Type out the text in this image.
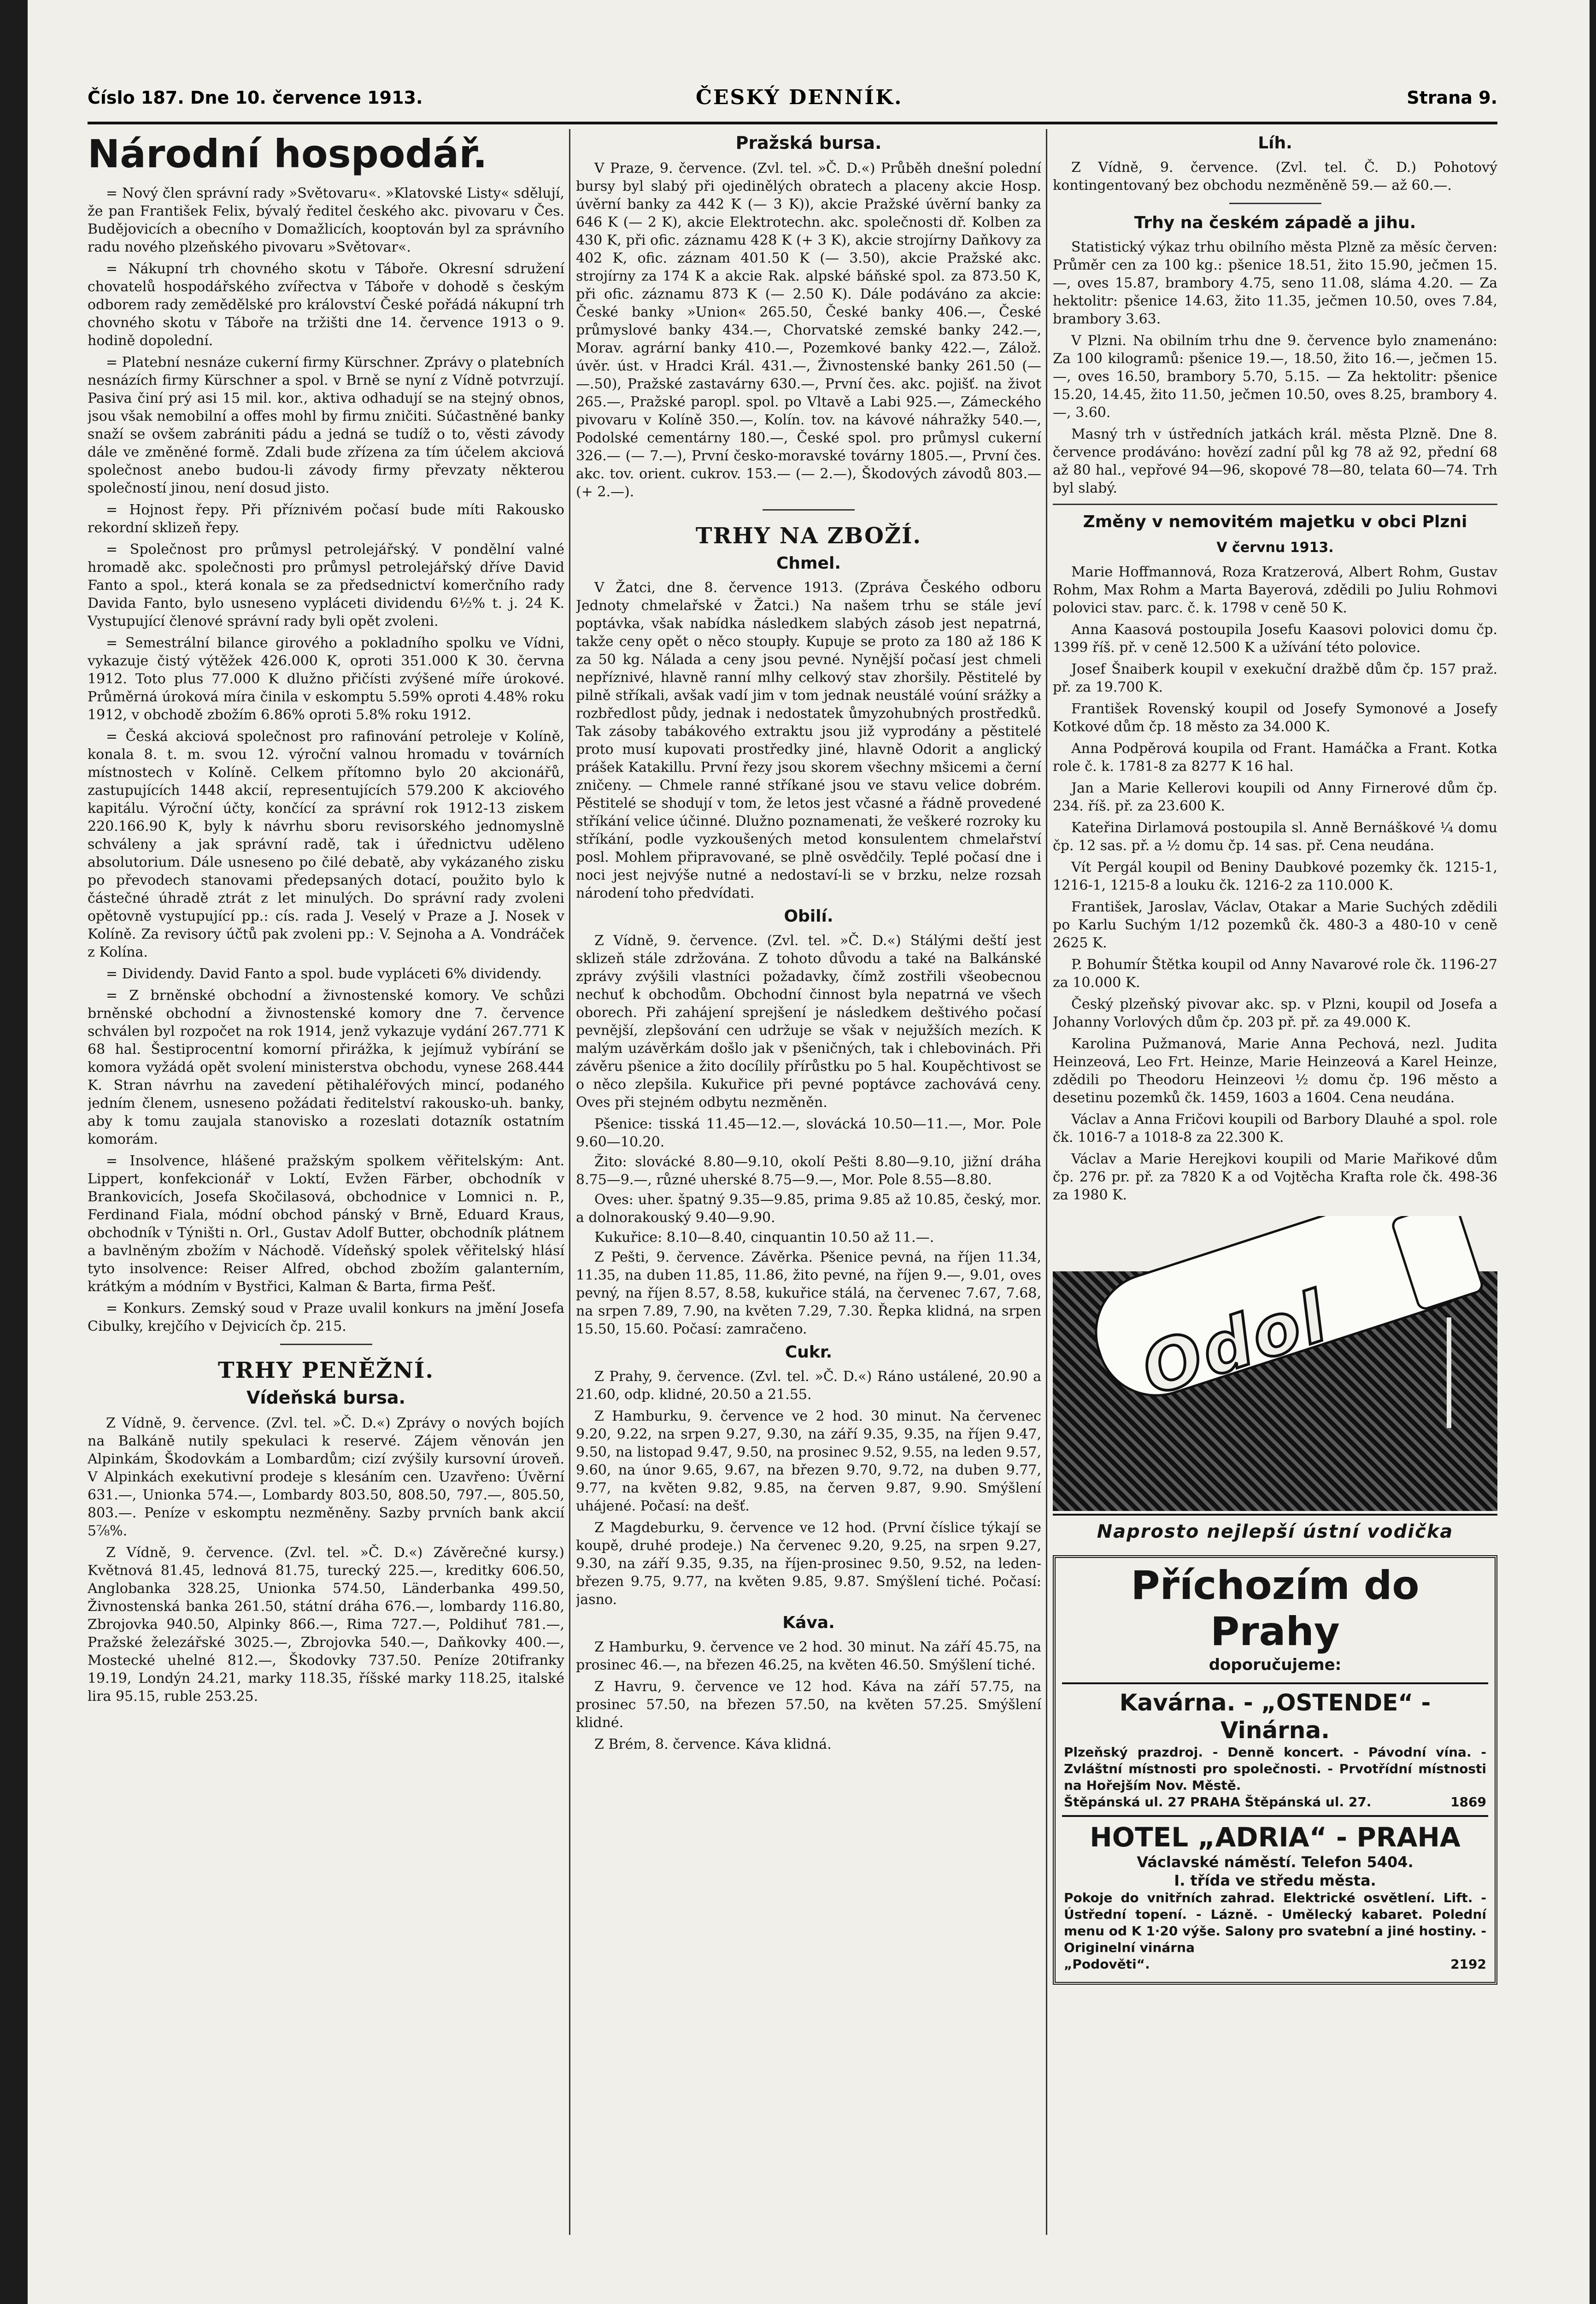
Číslo 187. Dne 10. července 1913.	ČESKÝ DENNÍK.	Strana 9.
Národní hospodář.

= Nový člen správní rady »Světovaru«. »Klatovské Listy« sdělují, že pan František Felix, bývalý ředitel českého akc. pivovaru v Čes. Budějovicích a obecního v Domažlicích, kooptován byl za správního radu nového plzeňského pivovaru »Světovar«.

= Nákupní trh chovného skotu v Táboře. Okresní sdružení chovatelů hospodářského zvířectva v Táboře v dohodě s českým odborem rady zemědělské pro království České pořádá nákupní trh chovného skotu v Táboře na tržišti dne 14. července 1913 o 9. hodině dopolední.

= Platební nesnáze cukerní firmy Kürschner. Zprávy o platebních nesnázích firmy Kürschner a spol. v Brně se nyní z Vídně potvrzují. Pasiva činí prý asi 15 mil. kor., aktiva odhadují se na stejný obnos, jsou však nemobilní a offes mohl by firmu zničiti. Súčastněné banky snaží se ovšem zabrániti pádu a jedná se tudíž o to, věsti závody dále ve změněné formě. Zdali bude zřízena za tím účelem akciová společnost anebo budou-li závody firmy převzaty některou společností jinou, není dosud jisto.

= Hojnost řepy. Při příznivém počasí bude míti Rakousko rekordní sklizeň řepy.

= Společnost pro průmysl petrolejářský. V pondělní valné hromadě akc. společnosti pro průmysl petrolejářský dříve David Fanto a spol., která konala se za předsednictví komerčního rady Davida Fanto, bylo usneseno vypláceti dividendu 6½% t. j. 24 K. Vystupující členové správní rady byli opět zvoleni.

= Semestrální bilance girového a pokladního spolku ve Vídni, vykazuje čistý výtěžek 426.000 K, oproti 351.000 K 30. června 1912. Toto plus 77.000 K dlužno přičísti zvýšené míře úrokové. Průměrná úroková míra činila v eskomptu 5.59% oproti 4.48% roku 1912, v obchodě zbožím 6.86% oproti 5.8% roku 1912.

= Česká akciová společnost pro rafinování petroleje v Kolíně, konala 8. t. m. svou 12. výroční valnou hromadu v továrních místnostech v Kolíně. Celkem přítomno bylo 20 akcionářů, zastupujících 1448 akcií, representujících 579.200 K akciového kapitálu. Výroční účty, končící za správní rok 1912-13 ziskem 220.166.90 K, byly k návrhu sboru revisorského jednomyslně schváleny a jak správní radě, tak i úřednictvu uděleno absolutorium. Dále usneseno po čilé debatě, aby vykázaného zisku po převodech stanovami předepsaných dotací, použito bylo k částečné úhradě ztrát z let minulých. Do správní rady zvoleni opětovně vystupující pp.: cís. rada J. Veselý v Praze a J. Nosek v Kolíně. Za revisory účtů pak zvoleni pp.: V. Sejnoha a A. Vondráček z Kolína.

= Dividendy. David Fanto a spol. bude vypláceti 6% dividendy.

= Z brněnské obchodní a živnostenské komory. Ve schůzi brněnské obchodní a živnostenské komory dne 7. července schválen byl rozpočet na rok 1914, jenž vykazuje vydání 267.771 K 68 hal. Šestiprocentní komorní přirážka, k jejímuž vybírání se komora vyžádá opět svolení ministerstva obchodu, vynese 268.444 K. Stran návrhu na zavedení pětihaléřových mincí, podaného jedním členem, usneseno požádati ředitelství rakousko-uh. banky, aby k tomu zaujala stanovisko a rozeslati dotazník ostatním komorám.

= Insolvence, hlášené pražským spolkem věřitelským: Ant. Lippert, konfekcionář v Loktí, Evžen Färber, obchodník v Brankovicích, Josefa Skočilasová, obchodnice v Lomnici n. P., Ferdinand Fiala, módní obchod pánský v Brně, Eduard Kraus, obchodník v Týništi n. Orl., Gustav Adolf Butter, obchodník plátnem a bavlněným zbožím v Náchodě. Vídeňský spolek věřitelský hlásí tyto insolvence: Reiser Alfred, obchod zbožím galanterním, krátkým a módním v Bystřici, Kalman & Barta, firma Pešť.

= Konkurs. Zemský soud v Praze uvalil konkurs na jmění Josefa Cibulky, krejčího v Dejvicích čp. 215.

TRHY PENĚŽNÍ.
Vídeňská bursa.

Z Vídně, 9. července. (Zvl. tel. »Č. D.«) Zprávy o nových bojích na Balkáně nutily spekulaci k reservé. Zájem věnován jen Alpinkám, Škodovkám a Lombardům; cizí zvýšily kursovní úroveň. V Alpinkách exekutivní prodeje s klesáním cen. Uzavřeno: Úvěrní 631.—, Unionka 574.—, Lombardy 803.50, 808.50, 797.—, 805.50, 803.—. Peníze v eskomptu nezměněny. Sazby prvních bank akcií 5⅞%.

Z Vídně, 9. července. (Zvl. tel. »Č. D.«) Závěrečné kursy.) Květnová 81.45, lednová 81.75, turecký 225.—, kreditky 606.50, Anglobanka 328.25, Unionka 574.50, Länderbanka 499.50, Živnostenská banka 261.50, státní dráha 676.—, lombardy 116.80, Zbrojovka 940.50, Alpinky 866.—, Rima 727.—, Poldihuť 781.—, Pražské železářské 3025.—, Zbrojovka 540.—, Daňkovky 400.—, Mostecké uhelné 812.—, Škodovky 737.50. Peníze 20tifranky 19.19, Londýn 24.21, marky 118.35, říšské marky 118.25, italské lira 95.15, ruble 253.25.

Pražská bursa.

V Praze, 9. července. (Zvl. tel. »Č. D.«) Průběh dnešní polední bursy byl slabý při ojedinělých obratech a placeny akcie Hosp. úvěrní banky za 442 K (— 3 K)), akcie Pražské úvěrní banky za 646 K (— 2 K), akcie Elektrotechn. akc. společnosti dř. Kolben za 430 K, při ofic. záznamu 428 K (+ 3 K), akcie strojírny Daňkovy za 402 K, ofic. záznam 401.50 K (— 3.50), akcie Pražské akc. strojírny za 174 K a akcie Rak. alpské báňské spol. za 873.50 K, při ofic. záznamu 873 K (— 2.50 K). Dále podáváno za akcie: České banky »Union« 265.50, České banky 406.—, České průmyslové banky 434.—, Chorvatské zemské banky 242.—, Morav. agrární banky 410.—, Pozemkové banky 422.—, Zálož. úvěr. úst. v Hradci Král. 431.—, Živnostenské banky 261.50 (— —.50), Pražské zastavárny 630.—, První čes. akc. pojišť. na život 265.—, Pražské paropl. spol. po Vltavě a Labi 925.—, Zámeckého pivovaru v Kolíně 350.—, Kolín. tov. na kávové náhražky 540.—, Podolské cementárny 180.—, České spol. pro průmysl cukerní 326.— (— 7.—), První česko-moravské továrny 1805.—, První čes. akc. tov. orient. cukrov. 153.— (— 2.—), Škodových závodů 803.— (+ 2.—).

TRHY NA ZBOŽÍ.
Chmel.

V Žatci, dne 8. července 1913. (Zpráva Českého odboru Jednoty chmelařské v Žatci.) Na našem trhu se stále jeví poptávka, však nabídka následkem slabých zásob jest nepatrná, takže ceny opět o něco stoupły. Kupuje se proto za 180 až 186 K za 50 kg. Nálada a ceny jsou pevné. Nynější počasí jest chmeli nepříznivé, hlavně ranní mlhy celkový stav zhoršily. Pěstitelé by pilně stříkali, avšak vadí jim v tom jednak neustálé voúní srážky a rozbředlost půdy, jednak i nedostatek ůmyzohubných prostředků. Tak zásoby tabákového extraktu jsou již vyprodány a pěstitelé proto musí kupovati prostředky jiné, hlavně Odorit a anglický prášek Katakillu. První řezy jsou skorem všechny mšicemi a černí zničeny. — Chmele ranné stříkané jsou ve stavu velice dobrém. Pěstitelé se shodují v tom, že letos jest včasné a řádně provedené stříkání velice účinné. Dlužno poznamenati, že veškeré rozroky ku stříkání, podle vyzkoušených metod konsulentem chmelařství posl. Mohlem připravované, se plně osvědčily. Teplé počasí dne i noci jest nejvýše nutné a nedostaví-li se v brzku, nelze rozsah národení toho předvídati.

Obilí.

Z Vídně, 9. července. (Zvl. tel. »Č. D.«) Stálými deští jest sklizeň stále zdržována. Z tohoto důvodu a také na Balkánské zprávy zvýšili vlastníci požadavky, čímž zostřili všeobecnou nechuť k obchodům. Obchodní činnost byla nepatrná ve všech oborech. Při zahájení sprejšení je následkem deštivého počasí pevnější, zlepšování cen udržuje se však v nejužších mezích. K malým uzávěrkám došlo jak v pšeničných, tak i chlebovinách. Při závěru pšenice a žito docílily přírůstku po 5 hal. Koupěchtivost se o něco zlepšila. Kukuřice při pevné poptávce zachovává ceny. Oves při stejném odbytu nezměněn.

Pšenice: tisská 11.45—12.—, slovácká 10.50—11.—, Mor. Pole 9.60—10.20.

Žito: slovácké 8.80—9.10, okolí Pešti 8.80—9.10, jižní dráha 8.75—9.—, různé uherské 8.75—9.—, Mor. Pole 8.55—8.80.

Oves: uher. špatný 9.35—9.85, prima 9.85 až 10.85, český, mor. a dolnorakouský 9.40—9.90.

Kukuřice: 8.10—8.40, cinquantin 10.50 až 11.—.

Z Pešti, 9. července. Závěrka. Pšenice pevná, na říjen 11.34, 11.35, na duben 11.85, 11.86, žito pevné, na říjen 9.—, 9.01, oves pevný, na říjen 8.57, 8.58, kukuřice stálá, na červenec 7.67, 7.68, na srpen 7.89, 7.90, na květen 7.29, 7.30. Řepka klidná, na srpen 15.50, 15.60. Počasí: zamračeno.

Cukr.

Z Prahy, 9. července. (Zvl. tel. »Č. D.«) Ráno ustálené, 20.90 a 21.60, odp. klidné, 20.50 a 21.55.

Z Hamburku, 9. července ve 2 hod. 30 minut. Na červenec 9.20, 9.22, na srpen 9.27, 9.30, na září 9.35, 9.35, na říjen 9.47, 9.50, na listopad 9.47, 9.50, na prosinec 9.52, 9.55, na leden 9.57, 9.60, na únor 9.65, 9.67, na březen 9.70, 9.72, na duben 9.77, 9.77, na květen 9.82, 9.85, na červen 9.87, 9.90. Smýšlení uhájené. Počasí: na dešť.

Z Magdeburku, 9. července ve 12 hod. (První číslice týkají se koupě, druhé prodeje.) Na červenec 9.20, 9.25, na srpen 9.27, 9.30, na září 9.35, 9.35, na říjen-prosinec 9.50, 9.52, na leden-březen 9.75, 9.77, na květen 9.85, 9.87. Smýšlení tiché. Počasí: jasno.

Káva.

Z Hamburku, 9. července ve 2 hod. 30 minut. Na září 45.75, na prosinec 46.—, na březen 46.25, na květen 46.50. Smýšlení tiché.

Z Havru, 9. července ve 12 hod. Káva na září 57.75, na prosinec 57.50, na březen 57.50, na květen 57.25. Smýšlení klidné.

Z Brém, 8. července. Káva klidná.

Líh.

Z Vídně, 9. července. (Zvl. tel. Č. D.) Pohotový kontingentovaný bez obchodu nezměněně 59.— až 60.—.

Trhy na českém západě a jihu.

Statistický výkaz trhu obilního města Plzně za měsíc červen: Průměr cen za 100 kg.: pšenice 18.51, žito 15.90, ječmen 15.—, oves 15.87, brambory 4.75, seno 11.08, sláma 4.20. — Za hektolitr: pšenice 14.63, žito 11.35, ječmen 10.50, oves 7.84, brambory 3.63.

V Plzni. Na obilním trhu dne 9. července bylo znamenáno: Za 100 kilogramů: pšenice 19.—, 18.50, žito 16.—, ječmen 15.—, oves 16.50, brambory 5.70, 5.15. — Za hektolitr: pšenice 15.20, 14.45, žito 11.50, ječmen 10.50, oves 8.25, brambory 4.—, 3.60.

Masný trh v ústředních jatkách král. města Plzně. Dne 8. července prodáváno: hovězí zadní půl kg 78 až 92, přední 68 až 80 hal., vepřové 94—96, skopové 78—80, telata 60—74. Trh byl slabý.

Změny v nemovitém majetku v obci Plzni
V červnu 1913.

Marie Hoffmannová, Roza Kratzerová, Albert Rohm, Gustav Rohm, Max Rohm a Marta Bayerová, zdědili po Juliu Rohmovi polovici stav. parc. č. k. 1798 v ceně 50 K.

Anna Kaasová postoupila Josefu Kaasovi polovici domu čp. 1399 říš. př. v ceně 12.500 K a užívání této polovice.

Josef Šnaiberk koupil v exekuční dražbě dům čp. 157 praž. př. za 19.700 K.

František Rovenský koupil od Josefy Symonové a Josefy Kotkové dům čp. 18 město za 34.000 K.

Anna Podpěrová koupila od Frant. Hamáčka a Frant. Kotka role č. k. 1781-8 za 8277 K 16 hal.

Jan a Marie Kellerovi koupili od Anny Firnerové dům čp. 234. říš. př. za 23.600 K.

Kateřina Dirlamová postoupila sl. Anně Bernáškové ¼ domu čp. 12 sas. př. a ½ domu čp. 14 sas. př. Cena neudána.

Vít Pergál koupil od Beniny Daubkové pozemky čk. 1215-1, 1216-1, 1215-8 a louku čk. 1216-2 za 110.000 K.

František, Jaroslav, Václav, Otakar a Marie Suchých zdědili po Karlu Suchým 1/12 pozemků čk. 480-3 a 480-10 v ceně 2625 K.

P. Bohumír Štětka koupil od Anny Navarové role čk. 1196-27 za 10.000 K.

Český plzeňský pivovar akc. sp. v Plzni, koupil od Josefa a Johanny Vorlových dům čp. 203 př. př. za 49.000 K.

Karolina Pužmanová, Marie Anna Pechová, nezl. Judita Heinzeová, Leo Frt. Heinze, Marie Heinzeová a Karel Heinze, zdědili po Theodoru Heinzeovi ½ domu čp. 196 město a desetinu pozemků čk. 1459, 1603 a 1604. Cena neudána.

Václav a Anna Fričovi koupili od Barbory Dlauhé a spol. role čk. 1016-7 a 1018-8 za 22.300 K.

Václav a Marie Herejkovi koupili od Marie Mařikové dům čp. 276 pr. př. za 7820 K a od Vojtěcha Krafta role čk. 498-36 za 1980 K.

Odol
Naprosto nejlepší ústní vodička
Příchozím do Prahy
doporučujeme:
Kavárna. - „OSTENDE“ - Vinárna.
Plzeňský prazdroj. - Denně koncert. - Pávodní vína. - Zvláštní místnosti pro společnosti. - Prvotřídní místnosti na Hořejším Nov. Městě.
Štěpánská ul. 27 PRAHA Štěpánská ul. 27.	1869
HOTEL „ADRIA“ - PRAHA
Václavské náměstí. Telefon 5404.
I. třída ve středu města.
Pokoje do vnitřních zahrad. Elektrické osvětlení. Lift. - Ústřední topení. - Lázně. - Umělecký kabaret. Polední menu od K 1·20 výše. Salony pro svatební a jiné hostiny. - Originelní vinárna
„Podověti“.	2192
